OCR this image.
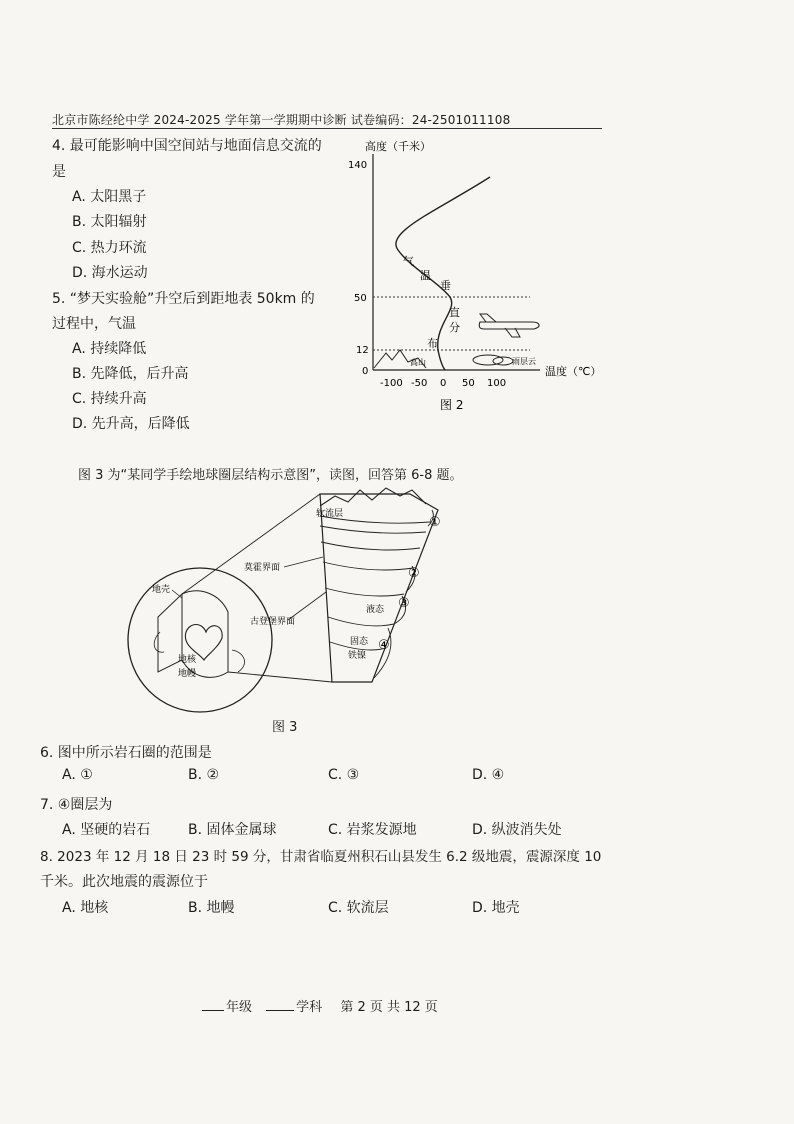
北京市陈经纶中学 2024-2025 学年第一学期期中诊断 试卷编码：24-2501011108
4. 最可能影响中国空间站与地面信息交流的
是
A. 太阳黑子
B. 太阳辐射
C. 热力环流
D. 海水运动
5. “梦天实验舱”升空后到距地表 50km 的
过程中，气温
A. 持续降低
B. 先降低，后升高
C. 持续升高
D. 先升高，后降低
高度（千米）
140
50
12
0
气
温
垂
直
分
布
高山	雨层云
-100 -50 0 50 100
温度（℃）
图 2
图 3 为“某同学手绘地球圈层结构示意图”，读图，回答第 6-8 题。
地壳
地核
地幔
软流层
莫霍界面
古登堡界面
液态
固态
铁镍
①
②
③
④
图 3
6. 图中所示岩石圈的范围是
A. ①	B. ②	C. ③	D. ④
7. ④圈层为
A. 坚硬的岩石	B. 固体金属球	C. 岩浆发源地	D. 纵波消失处
8. 2023 年 12 月 18 日 23 时 59 分，甘肃省临夏州积石山县发生 6.2 级地震，震源深度 10
千米。此次地震的震源位于
A. 地核	B. 地幔	C. 软流层	D. 地壳
年级	学科 第 2 页 共 12 页
